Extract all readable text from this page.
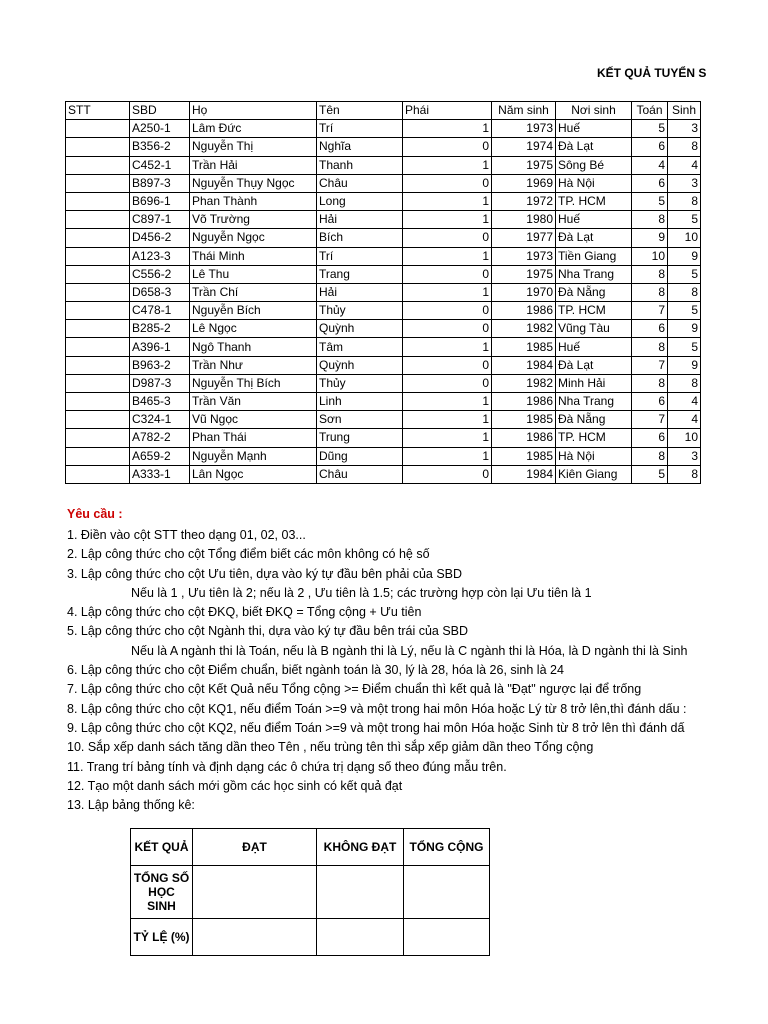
KẾT QUẢ TUYỂN S
STT	SBD	Họ	Tên	Phái	Năm sinh	Nơi sinh	Toán	Sinh
	A250-1	Lâm Đức	Trí	1	1973	Huế	5	3
	B356-2	Nguyễn Thị	Nghĩa	0	1974	Đà Lạt	6	8
	C452-1	Trần Hải	Thanh	1	1975	Sông Bé	4	4
	B897-3	Nguyễn Thụy Ngọc	Châu	0	1969	Hà Nội	6	3
	B696-1	Phan Thành	Long	1	1972	TP. HCM	5	8
	C897-1	Võ Trường	Hải	1	1980	Huế	8	5
	D456-2	Nguyễn Ngọc	Bích	0	1977	Đà Lạt	9	10
	A123-3	Thái Minh	Trí	1	1973	Tiền Giang	10	9
	C556-2	Lê Thu	Trang	0	1975	Nha Trang	8	5
	D658-3	Trần Chí	Hải	1	1970	Đà Nẵng	8	8
	C478-1	Nguyễn Bích	Thủy	0	1986	TP. HCM	7	5
	B285-2	Lê Ngọc	Quỳnh	0	1982	Vũng Tàu	6	9
	A396-1	Ngô Thanh	Tâm	1	1985	Huế	8	5
	B963-2	Trần Như	Quỳnh	0	1984	Đà Lạt	7	9
	D987-3	Nguyễn Thị Bích	Thủy	0	1982	Minh Hải	8	8
	B465-3	Trần Văn	Linh	1	1986	Nha Trang	6	4
	C324-1	Vũ Ngọc	Sơn	1	1985	Đà Nẵng	7	4
	A782-2	Phan Thái	Trung	1	1986	TP. HCM	6	10
	A659-2	Nguyễn Mạnh	Dũng	1	1985	Hà Nội	8	3
	A333-1	Lân Ngọc	Châu	0	1984	Kiên Giang	5	8
Yêu cầu :
1. Điền vào cột STT theo dạng 01, 02, 03...
2. Lập công thức cho cột Tổng điểm biết các môn không có hệ số
3. Lập công thức cho cột Ưu tiên, dựa vào ký tự đầu bên phải của SBD
Nếu là 1 , Ưu tiên là 2; nếu là 2 , Ưu tiên là 1.5; các trường hợp còn lại Ưu tiên là 1
4. Lập công thức cho cột ĐKQ, biết ĐKQ = Tổng cộng + Ưu tiên
5. Lập công thức cho cột Ngành thi, dựa vào ký tự đầu bên trái của SBD
Nếu là A ngành thi là Toán, nếu là B ngành thi là Lý, nếu là C ngành thi là Hóa, là D ngành thi là Sinh
6. Lập công thức cho cột Điểm chuẩn, biết ngành toán là 30, lý là 28, hóa là 26, sinh là 24
7. Lập công thức cho cột Kết Quả nếu Tổng cộng >= Điểm chuẩn thì kết quả là "Đạt" ngược lại để trống
8. Lập công thức cho cột KQ1, nếu điểm Toán >=9 và một trong hai môn Hóa hoặc Lý từ 8 trở lên,thì đánh dấu :
9. Lập công thức cho cột KQ2, nếu điểm Toán >=9 và một trong hai môn Hóa hoặc Sinh từ 8 trở lên thì đánh dấ
10. Sắp xếp danh sách tăng dần theo Tên , nếu trùng tên thì sắp xếp giảm dần theo Tổng cộng
11. Trang trí bảng tính và định dạng các ô chứa trị dạng số theo đúng mẫu trên.
12. Tạo một danh sách mới gồm các học sinh có kết quả đạt
13. Lập bảng thống kê:
KẾT QUẢ	ĐẠT	KHÔNG ĐẠT	TỔNG CỘNG
TỔNG SỐ HỌC SINH			
TỶ LỆ (%)			
